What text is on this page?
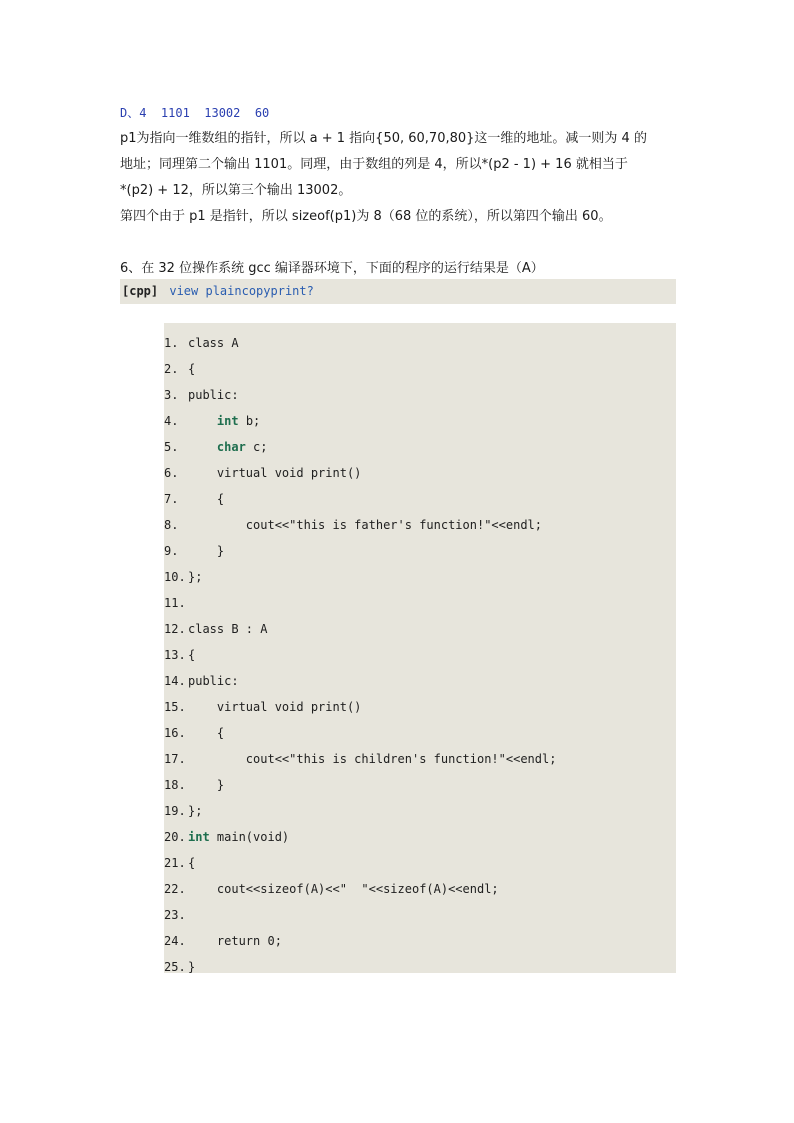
D、4  1101  13002  60
p1为指向一维数组的指针，所以 a + 1 指向{50, 60,70,80}这一维的地址。减一则为 4 的
地址；同理第二个输出 1101。同理，由于数组的列是 4，所以*(p2 - 1) + 16 就相当于
*(p2) + 12，所以第三个输出 13002。
第四个由于 p1 是指针，所以 sizeof(p1)为 8（68 位的系统），所以第四个输出 60。
6、在 32 位操作系统 gcc 编译器环境下，下面的程序的运行结果是（A）
[cpp] view plaincopyprint?
1. class A
2. {
3. public:
4.	int b;
5.	char c;
6.    virtual void print()
7.    {
8.        cout<<"this is father's function!"<<endl;
9.    }
10. };
11.
12. class B : A
13. {
14. public:
15.    virtual void print()
16.    {
17.        cout<<"this is children's function!"<<endl;
18.    }
19. };
20. int main(void)
21. {
22.    cout<<sizeof(A)<<"  "<<sizeof(A)<<endl;
23.
24.    return 0;
25. }
